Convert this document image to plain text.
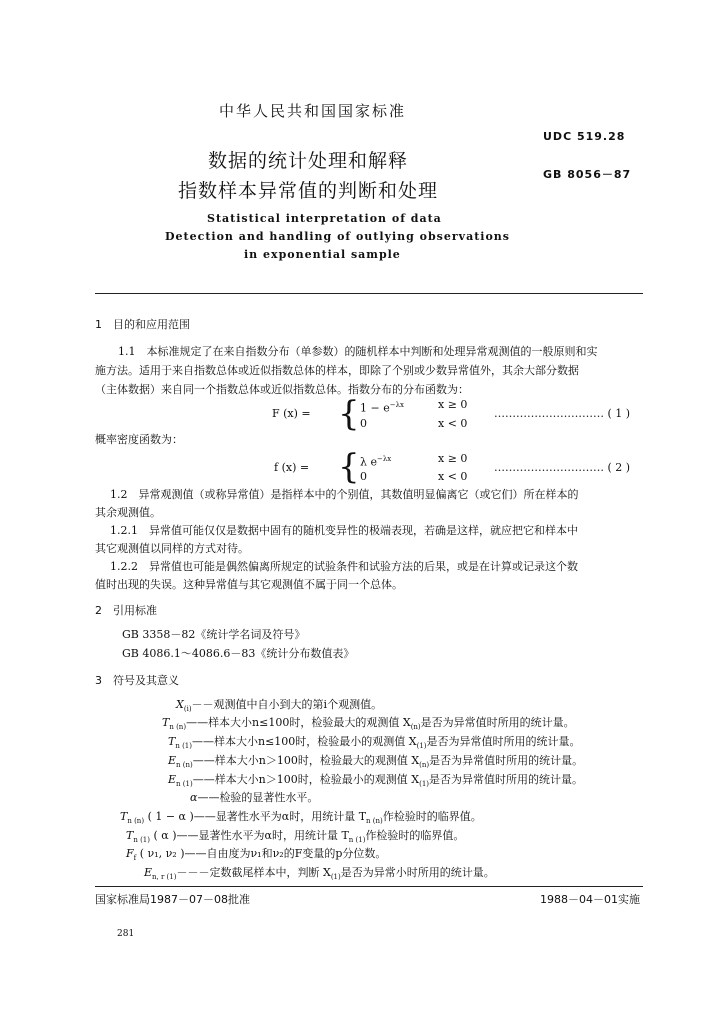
中华人民共和国国家标准
UDC 519.28
GB 8056－87
数据的统计处理和解释
指数样本异常值的判断和处理
Statistical interpretation of data
Detection and handling of outlying observations
in exponential sample
1　目的和应用范围
1.1　本标准规定了在来自指数分布（单参数）的随机样本中判断和处理异常观测值的一般原则和实
施方法。适用于来自指数总体或近似指数总体的样本，即除了个别或少数异常值外，其余大部分数据
（主体数据）来自同一个指数总体或近似指数总体。指数分布的分布函数为：
F (x) = { $1 - e^{-\lambda x}$	x ≥ 0
0	x < 0
………………………… ( 1 )
概率密度函数为：
f (x) = { λ $e^{-\lambda x}$	x ≥ 0
0	x < 0
………………………… ( 2 )
1.2　异常观测值（或称异常值）是指样本中的个别值，其数值明显偏离它（或它们）所在样本的
其余观测值。
1.2.1　异常值可能仅仅是数据中固有的随机变异性的极端表现，若确是这样，就应把它和样本中
其它观测值以同样的方式对待。
1.2.2　异常值也可能是偶然偏离所规定的试验条件和试验方法的后果，或是在计算或记录这个数
值时出现的失误。这种异常值与其它观测值不属于同一个总体。
2　引用标准
GB 3358－82《统计学名词及符号》
GB 4086.1～4086.6－83《统计分布数值表》
3　符号及其意义
$X_{(i)}--$观测值中自小到大的第i个观测值。
$T_{n (n)}——$样本大小n≤100时，检验最大的观测值 $X_{(n)}$是否为异常值时所用的统计量。
$T_{n (1)}——$样本大小n≤100时，检验最小的观测值 $X_{(1)}$是否为异常值时所用的统计量。
$E_{n (n)}——$样本大小n＞100时，检验最大的观测值 $X_{(n)}$是否为异常值时所用的统计量。
$E_{n (1)}——$样本大小n＞100时，检验最小的观测值 $X_{(1)}$是否为异常值时所用的统计量。
α——检验的显著性水平。
$T_{n (n)}$ ( 1 − α )——显著性水平为α时，用统计量 $T_{n (n)}$作检验时的临界值。
$T_{n (1)}$ ( α )——显著性水平为α时，用统计量 $T_{n (1)}$作检验时的临界值。
$F_f$ ( ν₁, ν₂ )——自由度为ν₁和ν₂的F变量的p分位数。
$E_{n, r (1)}---$定数截尾样本中，判断 $X_{(1)}$是否为异常小时所用的统计量。
国家标准局1987－07－08批准	1988－04－01实施
281
